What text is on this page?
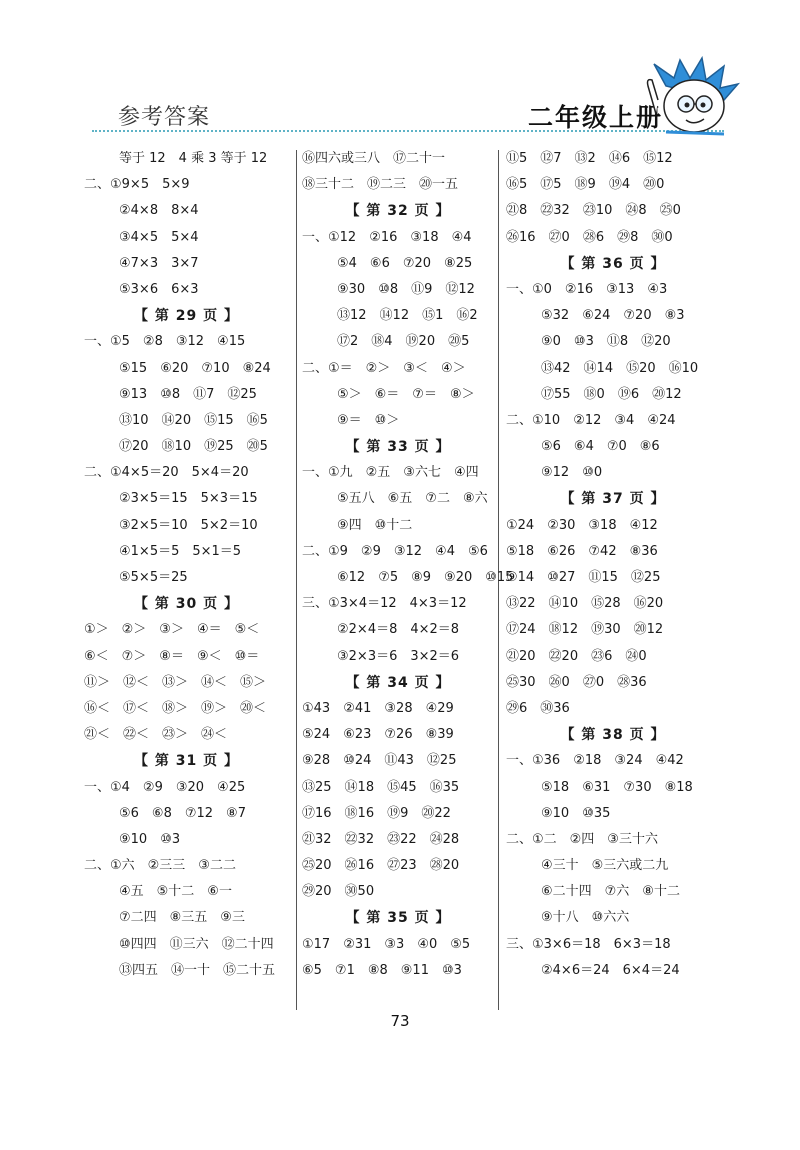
参考答案	二年级上册
等于 12　4 乘 3 等于 12
二、①9×5　5×9
②4×8　8×4
③4×5　5×4
④7×3　3×7
⑤3×6　6×3
【 第 29 页 】
一、①5　②8　③12　④15
⑤15　⑥20　⑦10　⑧24
⑨13　⑩8　⑪7　⑫25
⑬10　⑭20　⑮15　⑯5
⑰20　⑱10　⑲25　⑳5
二、①4×5＝20　5×4＝20
②3×5＝15　5×3＝15
③2×5＝10　5×2＝10
④1×5＝5　5×1＝5
⑤5×5＝25
【 第 30 页 】
①＞　②＞　③＞　④＝　⑤＜
⑥＜　⑦＞　⑧＝　⑨＜　⑩＝
⑪＞　⑫＜　⑬＞　⑭＜　⑮＞
⑯＜　⑰＜　⑱＞　⑲＞　⑳＜
㉑＜　㉒＜　㉓＞　㉔＜
【 第 31 页 】
一、①4　②9　③20　④25
⑤6　⑥8　⑦12　⑧7
⑨10　⑩3
二、①六　②三三　③二二
④五　⑤十二　⑥一
⑦二四　⑧三五　⑨三
⑩四四　⑪三六　⑫二十四
⑬四五　⑭一十　⑮二十五
⑯四六或三八　⑰二十一
⑱三十二　⑲二三　⑳一五
【 第 32 页 】
一、①12　②16　③18　④4
⑤4　⑥6　⑦20　⑧25
⑨30　⑩8　⑪9　⑫12
⑬12　⑭12　⑮1　⑯2
⑰2　⑱4　⑲20　⑳5
二、①＝　②＞　③＜　④＞
⑤＞　⑥＝　⑦＝　⑧＞
⑨＝　⑩＞
【 第 33 页 】
一、①九　②五　③六七　④四
⑤五八　⑥五　⑦二　⑧六
⑨四　⑩十二
二、①9　②9　③12　④4　⑤6
⑥12　⑦5　⑧9　⑨20　⑩15
三、①3×4＝12　4×3＝12
②2×4＝8　4×2＝8
③2×3＝6　3×2＝6
【 第 34 页 】
①43　②41　③28　④29
⑤24　⑥23　⑦26　⑧39
⑨28　⑩24　⑪43　⑫25
⑬25　⑭18　⑮45　⑯35
⑰16　⑱16　⑲9　⑳22
㉑32　㉒32　㉓22　㉔28
㉕20　㉖16　㉗23　㉘20
㉙20　㉚50
【 第 35 页 】
①17　②31　③3　④0　⑤5
⑥5　⑦1　⑧8　⑨11　⑩3
⑪5　⑫7　⑬2　⑭6　⑮12
⑯5　⑰5　⑱9　⑲4　⑳0
㉑8　㉒32　㉓10　㉔8　㉕0
㉖16　㉗0　㉘6　㉙8　㉚0
【 第 36 页 】
一、①0　②16　③13　④3
⑤32　⑥24　⑦20　⑧3
⑨0　⑩3　⑪8　⑫20
⑬42　⑭14　⑮20　⑯10
⑰55　⑱0　⑲6　⑳12
二、①10　②12　③4　④24
⑤6　⑥4　⑦0　⑧6
⑨12　⑩0
【 第 37 页 】
①24　②30　③18　④12
⑤18　⑥26　⑦42　⑧36
⑨14　⑩27　⑪15　⑫25
⑬22　⑭10　⑮28　⑯20
⑰24　⑱12　⑲30　⑳12
㉑20　㉒20　㉓6　㉔0
㉕30　㉖0　㉗0　㉘36
㉙6　㉚36
【 第 38 页 】
一、①36　②18　③24　④42
⑤18　⑥31　⑦30　⑧18
⑨10　⑩35
二、①二　②四　③三十六
④三十　⑤三六或二九
⑥二十四　⑦六　⑧十二
⑨十八　⑩六六
三、①3×6＝18　6×3＝18
②4×6＝24　6×4＝24
73
